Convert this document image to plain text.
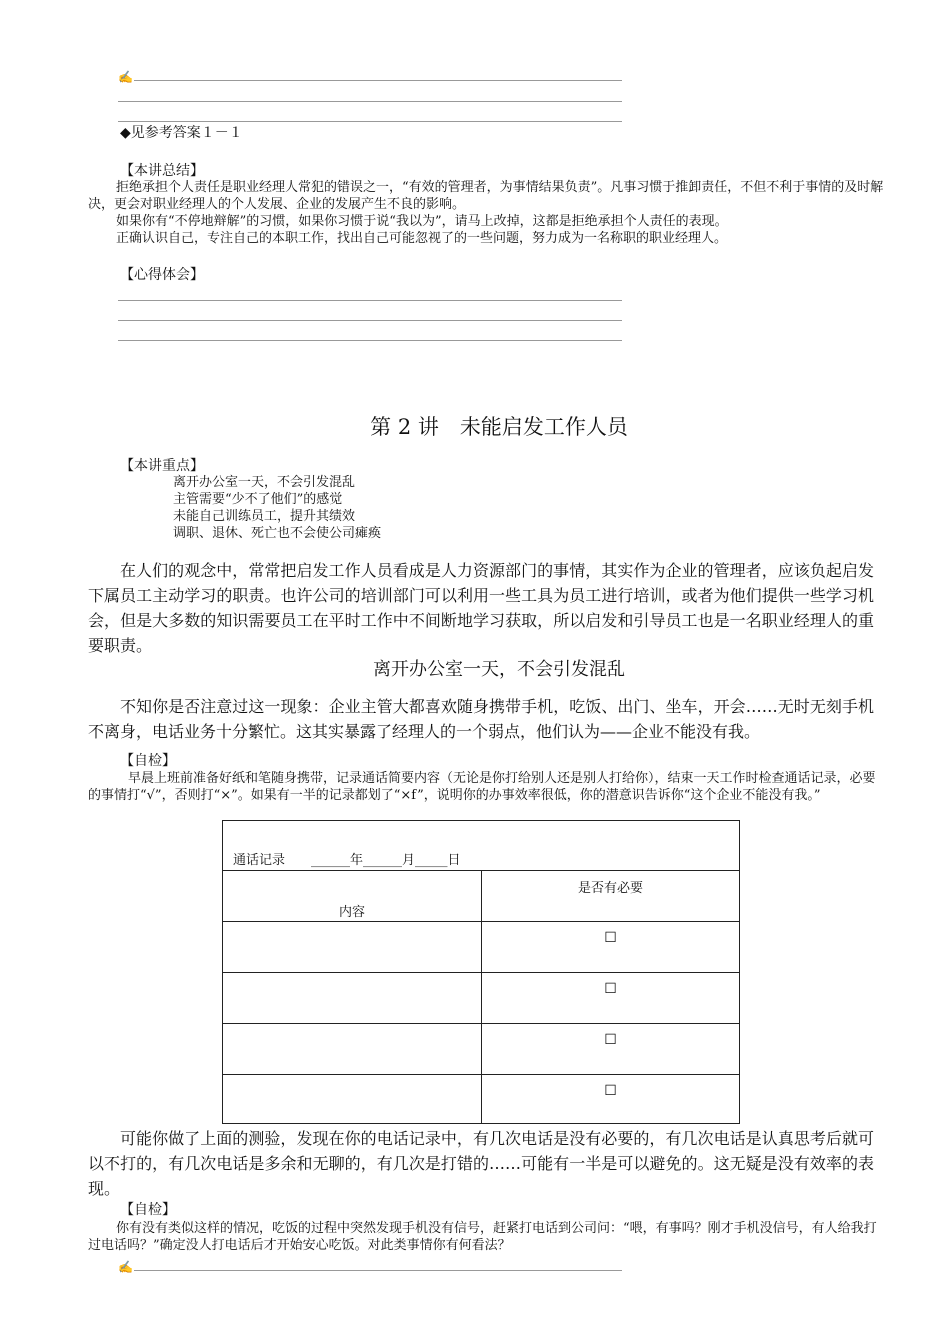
✍
◆见参考答案１－１
【本讲总结】
拒绝承担个人责任是职业经理人常犯的错误之一，“有效的管理者，为事情结果负责”。凡事习惯于推卸责任，不但不利于事情的及时解决，更会对职业经理人的个人发展、企业的发展产生不良的影响。
如果你有“不停地辩解”的习惯，如果你习惯于说“我以为”，请马上改掉，这都是拒绝承担个人责任的表现。
正确认识自己，专注自己的本职工作，找出自己可能忽视了的一些问题，努力成为一名称职的职业经理人。
【心得体会】
第 2 讲　未能启发工作人员
【本讲重点】
离开办公室一天，不会引发混乱
主管需要“少不了他们”的感觉
未能自己训练员工，提升其绩效
调职、退休、死亡也不会使公司瘫痪
在人们的观念中，常常把启发工作人员看成是人力资源部门的事情，其实作为企业的管理者，应该负起启发下属员工主动学习的职责。也许公司的培训部门可以利用一些工具为员工进行培训，或者为他们提供一些学习机会，但是大多数的知识需要员工在平时工作中不间断地学习获取，所以启发和引导员工也是一名职业经理人的重要职责。
离开办公室一天，不会引发混乱
不知你是否注意过这一现象：企业主管大都喜欢随身携带手机，吃饭、出门、坐车，开会……无时无刻手机不离身，电话业务十分繁忙。这其实暴露了经理人的一个弱点，他们认为——企业不能没有我。
【自检】
早晨上班前准备好纸和笔随身携带，记录通话简要内容（无论是你打给别人还是别人打给你），结束一天工作时检查通话记录，必要的事情打“√”，否则打“×”。如果有一半的记录都划了“×f”，说明你的办事效率很低，你的潜意识告诉你“这个企业不能没有我。”
通话记录　　______年______月_____日	

内容	是否有必要

	☐

	☐

	☐

	☐
可能你做了上面的测验，发现在你的电话记录中，有几次电话是没有必要的，有几次电话是认真思考后就可以不打的，有几次电话是多余和无聊的，有几次是打错的……可能有一半是可以避免的。这无疑是没有效率的表现。
【自检】
你有没有类似这样的情况，吃饭的过程中突然发现手机没有信号，赶紧打电话到公司问：“喂，有事吗？刚才手机没信号，有人给我打过电话吗？”确定没人打电话后才开始安心吃饭。对此类事情你有何看法？
✍
